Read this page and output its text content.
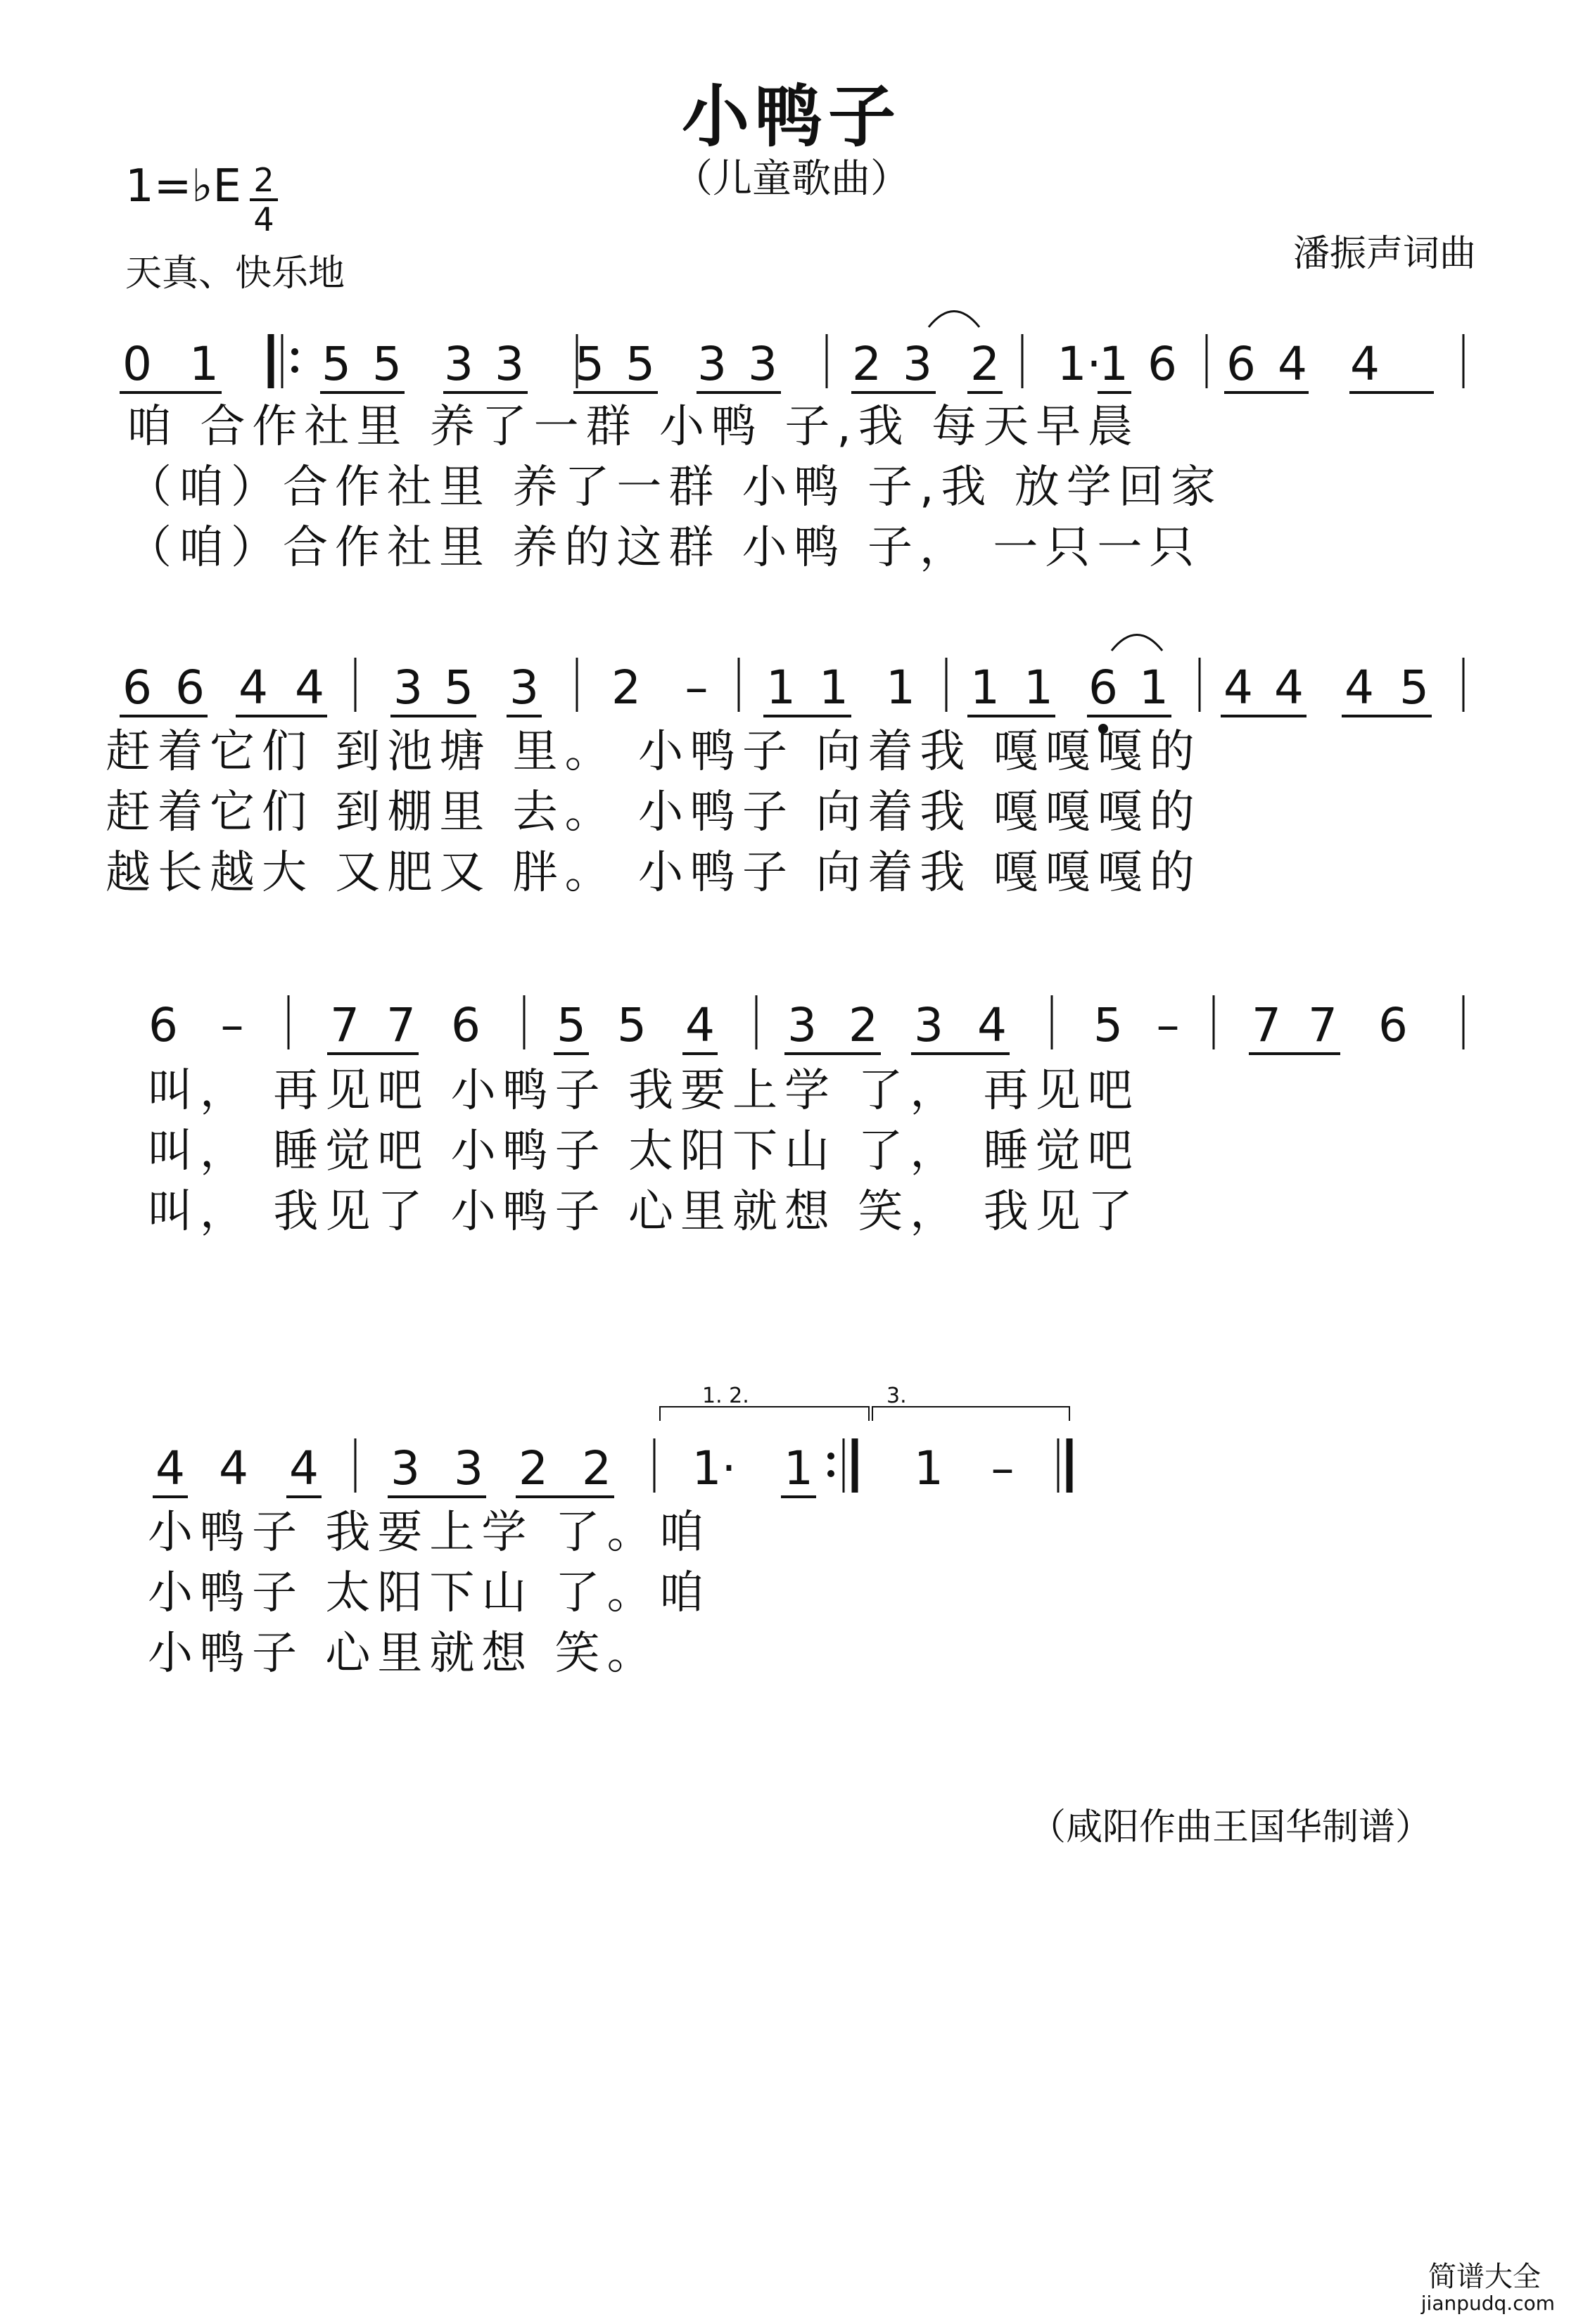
小鸭子
（儿童歌曲）
1=♭E 2
4
天真、快乐地	潘振声词曲
0 1 5 5 3 3 5 5 3 3 2 3 2 1·
1 6 6 4 4
咱 合作社里 养了一群 小鸭 子,我 每天早晨
（咱）合作社里 养了一群 小鸭 子,我 放学回家
（咱）合作社里 养的这群 小鸭 子， 一只一只
6 6 4 4 3 5 3 2 – 1 1 1 1 1 6 1 4 4 4 5
赶着它们 到池塘 里。 小鸭子 向着我 嘎嘎嘎的
赶着它们 到棚里 去。 小鸭子 向着我 嘎嘎嘎的
越长越大 又肥又 胖。 小鸭子 向着我 嘎嘎嘎的
6 – 7 7 6 5 5 4 3 2 3 4 5 – 7 7 6
叫， 再见吧 小鸭子 我要上学 了， 再见吧
叫， 睡觉吧 小鸭子 太阳下山 了， 睡觉吧
叫， 我见了 小鸭子 心里就想 笑， 我见了
4 4 4 3 3 2 2 1· 1 1 –
1. 2.	3.
小鸭子 我要上学 了。咱
小鸭子 太阳下山 了。咱
小鸭子 心里就想 笑。
（咸阳作曲王国华制谱）
简谱大全
jianpudq.com
